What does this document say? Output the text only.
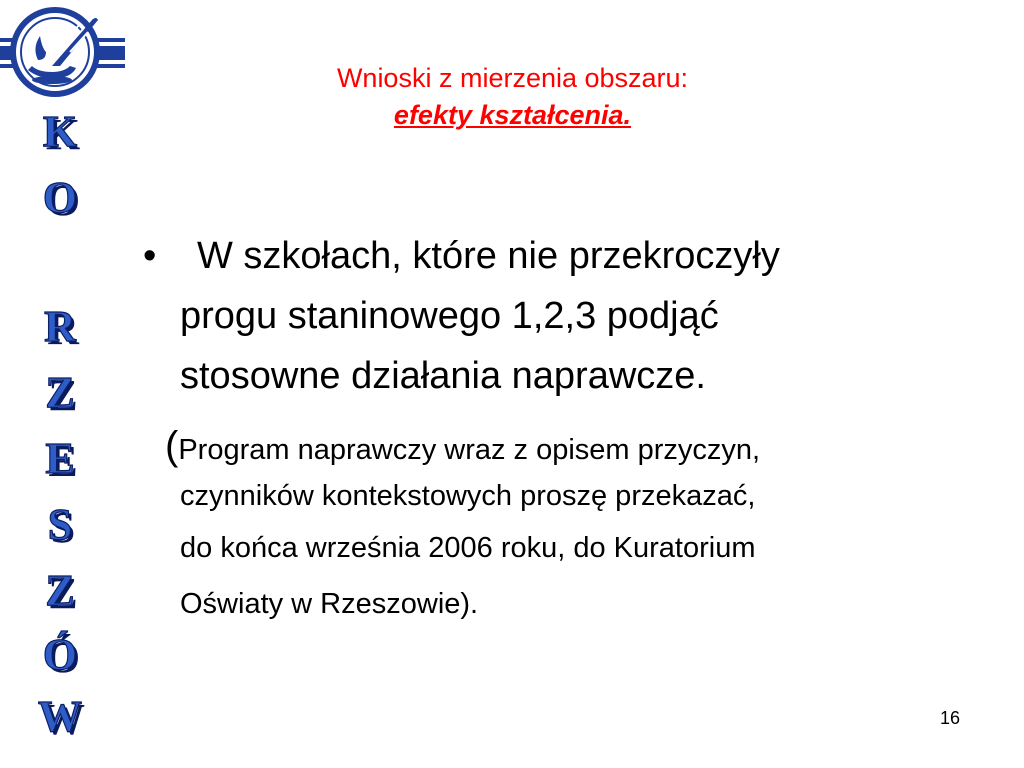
K
O
R
Z
E
S
Z
Ó
W
Wnioski z mierzenia obszaru:
efekty kształcenia.
• W szkołach, które nie przekroczyły
progu staninowego 1,2,3 podjąć
stosowne działania naprawcze.
(Program naprawczy wraz z opisem przyczyn,
czynników kontekstowych proszę przekazać,
do końca września 2006 roku, do Kuratorium
Oświaty w Rzeszowie).
16
